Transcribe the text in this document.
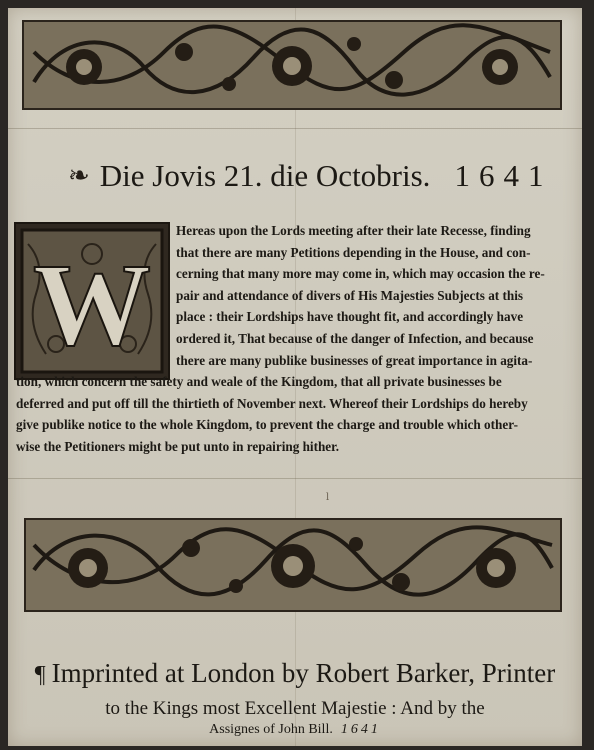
❧ Die Jovis 21. die Octobris. 1641
W
Hereas upon the Lords meeting after their late Recesse, finding
that there are many Petitions depending in the House, and con-
cerning that many more may come in, which may occasion the re-
pair and attendance of divers of His Majesties Subjects at this
place : their Lordships have thought fit, and accordingly have
ordered it, That because of the danger of Infection, and because
there are many publike businesses of great importance in agita-
tion, which concern the safety and weale of the Kingdom, that all private businesses be
deferred and put off till the thirtieth of November next. Whereof their Lordships do hereby
give publike notice to the whole Kingdom, to prevent the charge and trouble which other-
wise the Petitioners might be put unto in repairing hither.
ⅼ
¶ Imprinted at London by Robert Barker, Printer
to the Kings most Excellent Majestie : And by the
Assignes of John Bill. 1641
